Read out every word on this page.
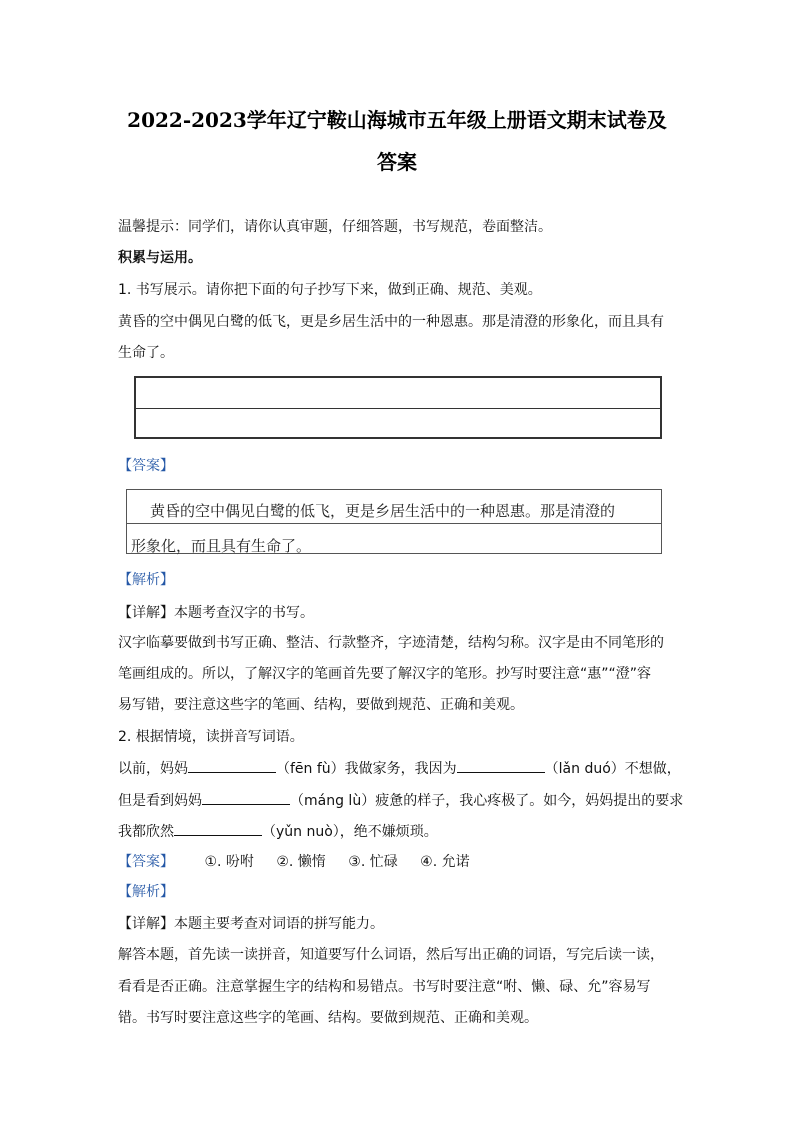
2022-2023学年辽宁鞍山海城市五年级上册语文期末试卷及
答案
温馨提示：同学们，请你认真审题，仔细答题，书写规范，卷面整洁。
积累与运用。
1. 书写展示。请你把下面的句子抄写下来，做到正确、规范、美观。
黄昏的空中偶见白鹭的低飞，更是乡居生活中的一种恩惠。那是清澄的形象化，而且具有
生命了。
【答案】
黄昏的空中偶见白鹭的低飞，更是乡居生活中的一种恩惠。那是清澄的
形象化，而且具有生命了。
【解析】
【详解】本题考查汉字的书写。
汉字临摹要做到书写正确、整洁、行款整齐，字迹清楚，结构匀称。汉字是由不同笔形的
笔画组成的。所以，了解汉字的笔画首先要了解汉字的笔形。抄写时要注意“惠”“澄”容
易写错，要注意这些字的笔画、结构，要做到规范、正确和美观。
2. 根据情境，读拼音写词语。
以前，妈妈	（fēn fù）我做家务，我因为	（lǎn duó）不想做，
但是看到妈妈	（máng lù）疲惫的样子，我心疼极了。如今，妈妈提出的要求
我都欣然	（yǔn nuò），绝不嫌烦琐。
【答案】 ①. 吩咐 ②. 懒惰 ③. 忙碌 ④. 允诺
【解析】
【详解】本题主要考查对词语的拼写能力。
解答本题，首先读一读拼音，知道要写什么词语，然后写出正确的词语，写完后读一读，
看看是否正确。注意掌握生字的结构和易错点。书写时要注意“咐、懒、碌、允”容易写
错。书写时要注意这些字的笔画、结构。要做到规范、正确和美观。
